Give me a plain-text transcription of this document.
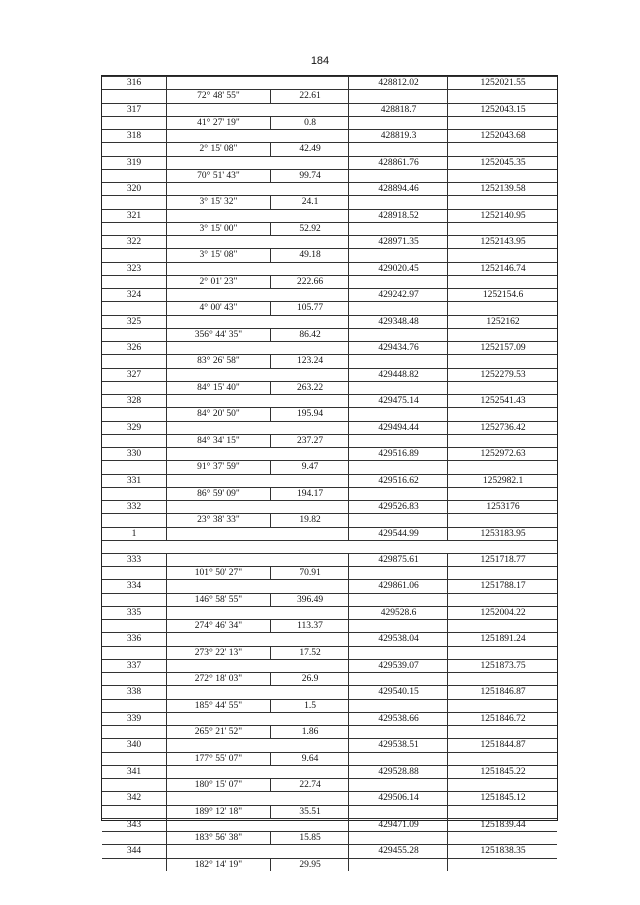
184
316	428812.02	1252021.55
72° 48' 55"	22.61
317	428818.7	1252043.15
41° 27' 19"	0.8
318	428819.3	1252043.68
2° 15' 08"	42.49
319	428861.76	1252045.35
70° 51' 43"	99.74
320	428894.46	1252139.58
3° 15' 32"	24.1
321	428918.52	1252140.95
3° 15' 00"	52.92
322	428971.35	1252143.95
3° 15' 08"	49.18
323	429020.45	1252146.74
2° 01' 23"	222.66
324	429242.97	1252154.6
4° 00' 43"	105.77
325	429348.48	1252162
356° 44' 35"	86.42
326	429434.76	1252157.09
83° 26' 58"	123.24
327	429448.82	1252279.53
84° 15' 40"	263.22
328	429475.14	1252541.43
84° 20' 50"	195.94
329	429494.44	1252736.42
84° 34' 15"	237.27
330	429516.89	1252972.63
91° 37' 59"	9.47
331	429516.62	1252982.1
86° 59' 09"	194.17
332	429526.83	1253176
23° 38' 33"	19.82
1	429544.99	1253183.95
333	429875.61	1251718.77
101° 50' 27"	70.91
334	429861.06	1251788.17
146° 58' 55"	396.49
335	429528.6	1252004.22
274° 46' 34"	113.37
336	429538.04	1251891.24
273° 22' 13"	17.52
337	429539.07	1251873.75
272° 18' 03"	26.9
338	429540.15	1251846.87
185° 44' 55"	1.5
339	429538.66	1251846.72
265° 21' 52"	1.86
340	429538.51	1251844.87
177° 55' 07"	9.64
341	429528.88	1251845.22
180° 15' 07"	22.74
342	429506.14	1251845.12
189° 12' 18"	35.51
343	429471.09	1251839.44
183° 56' 38"	15.85
344	429455.28	1251838.35
182° 14' 19"	29.95
